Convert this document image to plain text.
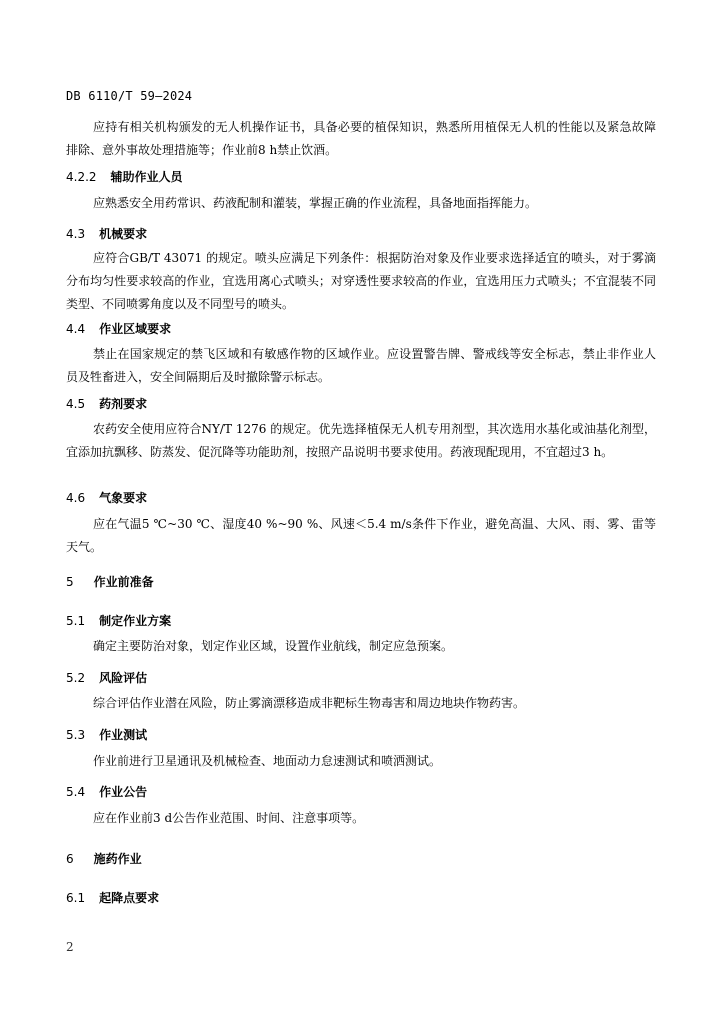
DB 6110/T 59—2024

应持有相关机构颁发的无人机操作证书，具备必要的植保知识，熟悉所用植保无人机的性能以及紧急故障排除、意外事故处理措施等；作业前8 h禁止饮酒。

4.2.2 辅助作业人员

应熟悉安全用药常识、药液配制和灌装，掌握正确的作业流程，具备地面指挥能力。

4.3 机械要求

应符合GB/T 43071 的规定。喷头应满足下列条件：根据防治对象及作业要求选择适宜的喷头，对于雾滴分布均匀性要求较高的作业，宜选用离心式喷头；对穿透性要求较高的作业，宜选用压力式喷头；不宜混装不同类型、不同喷雾角度以及不同型号的喷头。

4.4 作业区域要求

禁止在国家规定的禁飞区域和有敏感作物的区域作业。应设置警告牌、警戒线等安全标志，禁止非作业人员及牲畜进入，安全间隔期后及时撤除警示标志。

4.5 药剂要求

农药安全使用应符合NY/T 1276 的规定。优先选择植保无人机专用剂型，其次选用水基化或油基化剂型，宜添加抗飘移、防蒸发、促沉降等功能助剂，按照产品说明书要求使用。药液现配现用，不宜超过3 h。

4.6 气象要求

应在气温5 ℃~30 ℃、湿度40 %~90 %、风速＜5.4 m/s条件下作业，避免高温、大风、雨、雾、雷等天气。

5 作业前准备
5.1 制定作业方案

确定主要防治对象，划定作业区域，设置作业航线，制定应急预案。

5.2 风险评估

综合评估作业潜在风险，防止雾滴漂移造成非靶标生物毒害和周边地块作物药害。

5.3 作业测试

作业前进行卫星通讯及机械检查、地面动力怠速测试和喷洒测试。

5.4 作业公告

应在作业前3 d公告作业范围、时间、注意事项等。

6 施药作业
6.1 起降点要求
2
